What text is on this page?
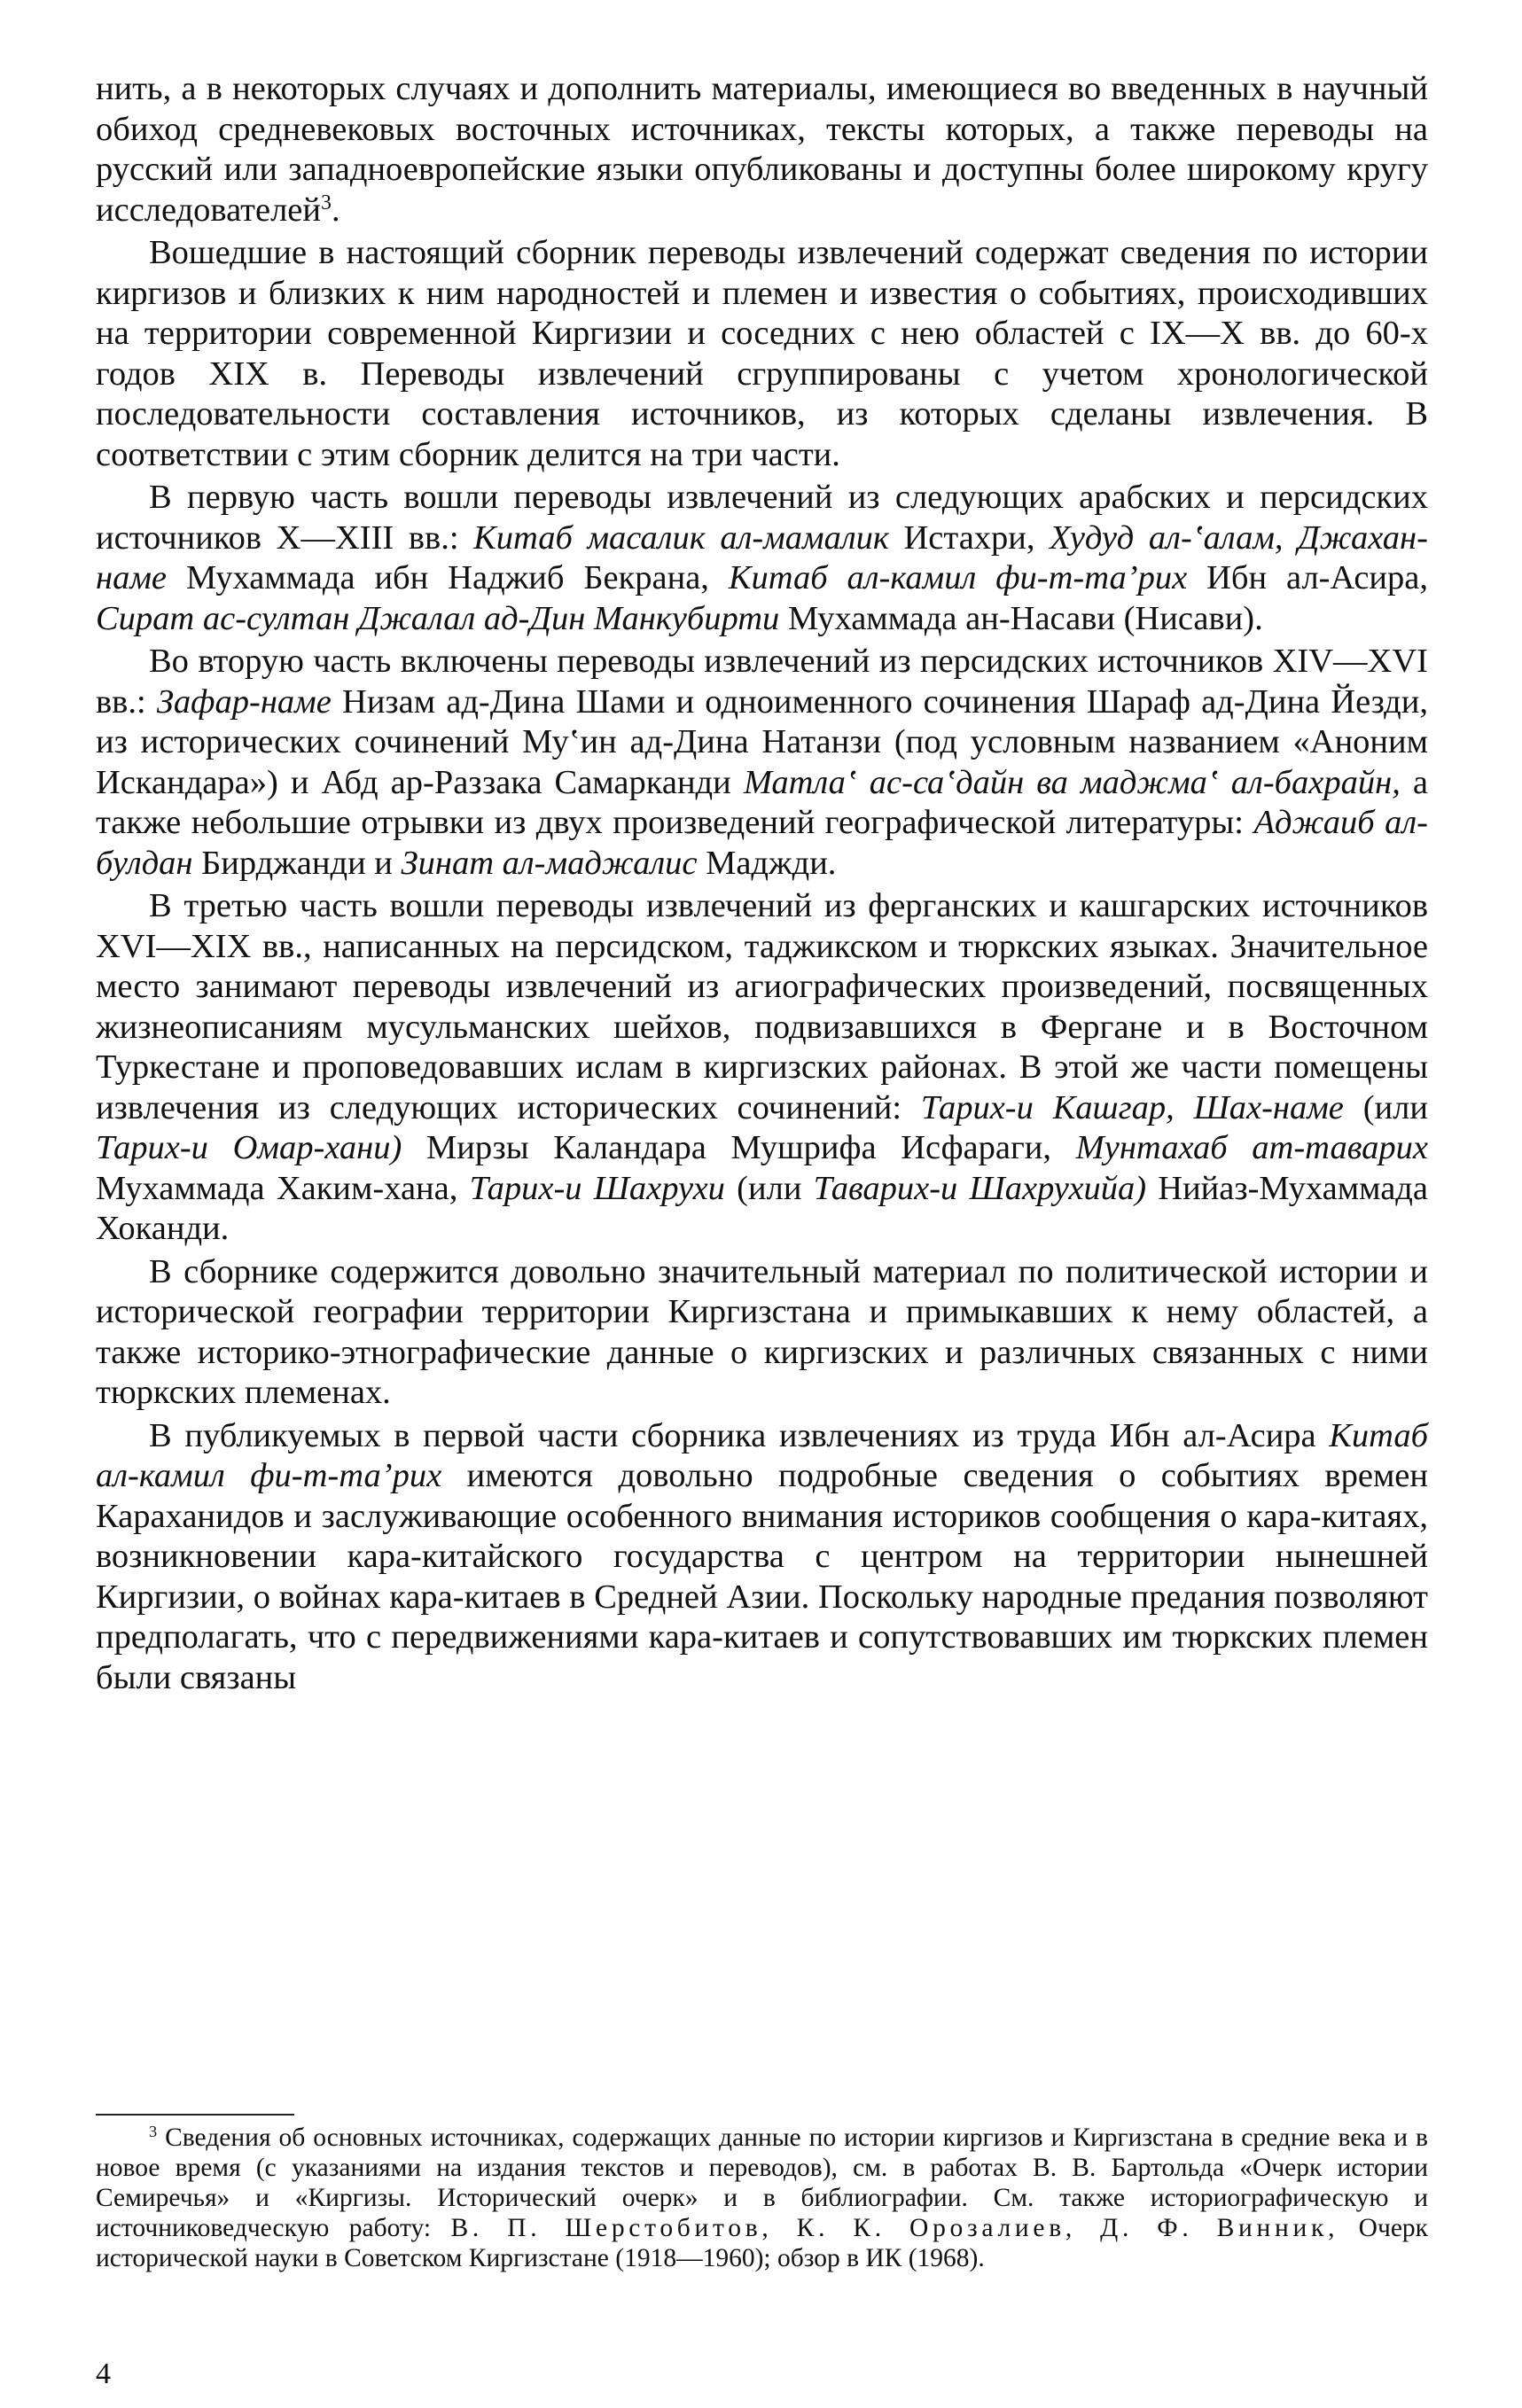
нить, а в некоторых случаях и дополнить материалы, имеющиеся во введенных в научный обиход средневековых восточных источниках, тексты которых, а также переводы на русский или западноевропейские языки опубликованы и доступны более широкому кругу исследователей$^3$.

Вошедшие в настоящий сборник переводы извлечений содержат сведения по истории киргизов и близких к ним народностей и племен и известия о событиях, происходивших на территории современной Киргизии и соседних с нею областей с IX—X вв. до 60-х годов XIX в. Переводы извлечений сгруппированы с учетом хронологической последовательности составления источников, из которых сделаны извлечения. В соответствии с этим сборник делится на три части.

В первую часть вошли переводы извлечений из следующих арабских и персидских источников X—XIII вв.: Китаб масалик ал-мамалик Истахри, Худуд ал-ʽалам, Джахан-наме Мухаммада ибн Наджиб Бекрана, Китаб ал-камил фи-т-та’рих Ибн ал-Асира, Сират ас-султан Джалал ад-Дин Манкубирти Мухаммада ан-Насави (Нисави).

Во вторую часть включены переводы извлечений из персидских источников XIV—XVI вв.: Зафар-наме Низам ад-Дина Шами и одноименного сочинения Шараф ад-Дина Йезди, из исторических сочинений Муʽин ад-Дина Натанзи (под условным названием «Аноним Искандара») и Абд ар-Раззака Самарканди Матлаʽ ас-саʽдайн ва маджмаʽ ал-бахрайн, а также небольшие отрывки из двух произведений географической литературы: Аджаиб ал-булдан Бирджанди и Зинат ал-маджалис Маджди.

В третью часть вошли переводы извлечений из ферганских и кашгарских источников XVI—XIX вв., написанных на персидском, таджикском и тюркских языках. Значительное место занимают переводы извлечений из агиографических произведений, посвященных жизнеописаниям мусульманских шейхов, подвизавшихся в Фергане и в Восточном Туркестане и проповедовавших ислам в киргизских районах. В этой же части помещены извлечения из следующих исторических сочинений: Тарих-и Кашгар, Шах-наме (или Тарих-и Омар-хани) Мирзы Каландара Мушрифа Исфараги, Мунтахаб ат-таварих Мухаммада Хаким-хана, Тарих-и Шахрухи (или Таварих-и Шахрухийа) Нийаз-Мухаммада Хоканди.

В сборнике содержится довольно значительный материал по политической истории и исторической географии территории Киргизстана и примыкавших к нему областей, а также историко-этнографические данные о киргизских и различных связанных с ними тюркских племенах.

В публикуемых в первой части сборника извлечениях из труда Ибн ал-Асира Китаб ал-камил фи-т-та’рих имеются довольно подробные сведения о событиях времен Караханидов и заслуживающие особенного внимания историков сообщения о кара-китаях, возникновении кара-китайского государства с центром на территории нынешней Киргизии, о войнах кара-китаев в Средней Азии. Поскольку народные предания позволяют предполагать, что с передвижениями кара-китаев и сопутствовавших им тюркских племен были связаны

$^3$ Сведения об основных источниках, содержащих данные по истории киргизов и Киргизстана в средние века и в новое время (с указаниями на издания текстов и переводов), см. в работах В. В. Бартольда «Очерк истории Семиречья» и «Киргизы. Исторический очерк» и в библиографии. См. также историографическую и источниковедческую работу: В. П. Шерстобитов, К. К. Орозалиев, Д. Ф. Винник, Очерк исторической науки в Советском Киргизстане (1918—1960); обзор в ИК (1968).
4
